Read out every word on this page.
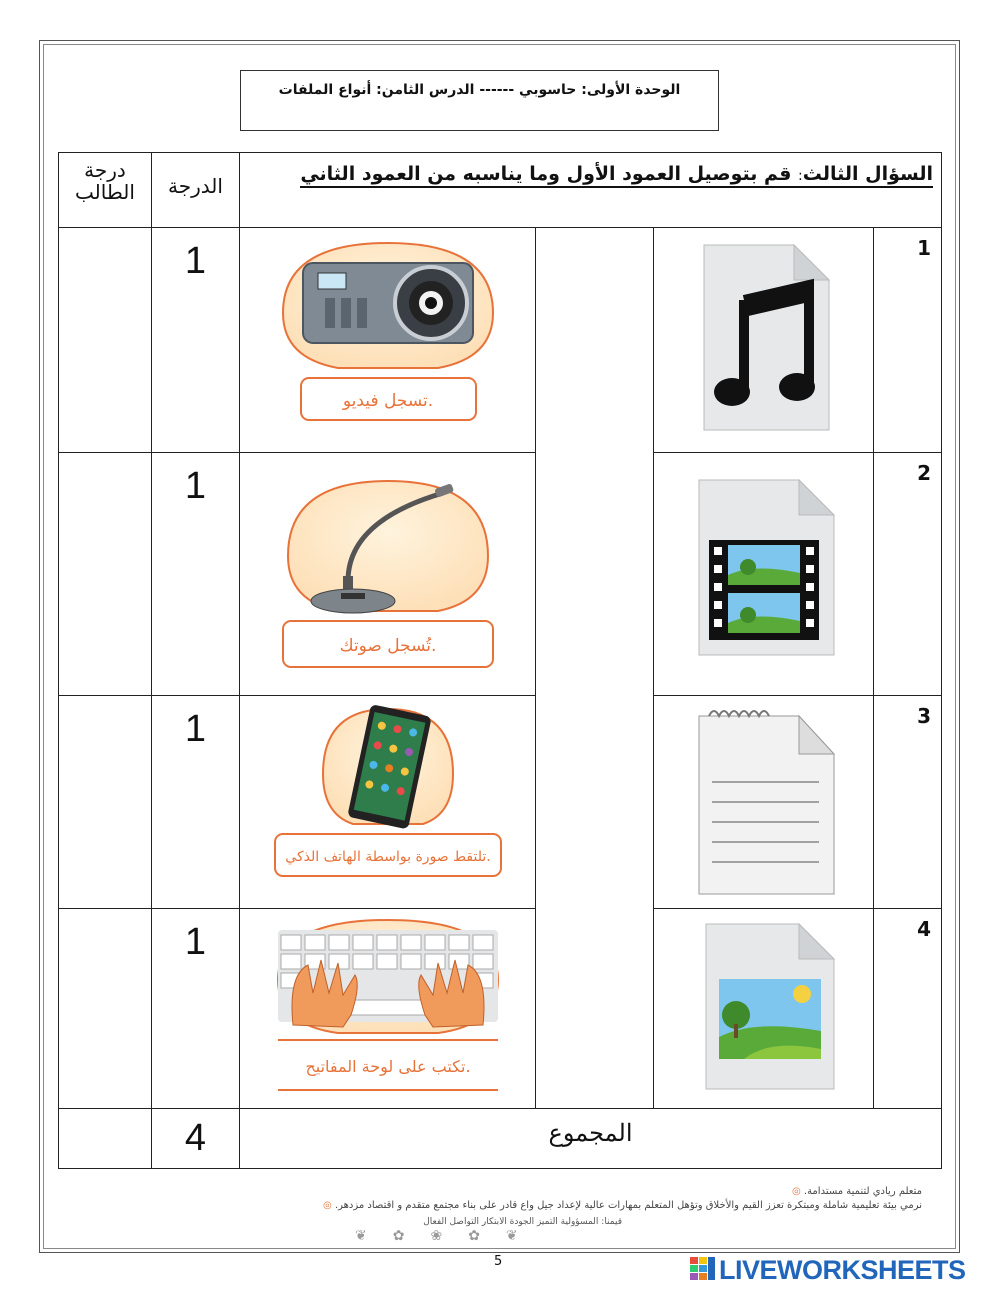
الوحدة الأولى: حاسوبي ------ الدرس الثامن: أنواع الملفات
درجة
الطالب	الدرجة	السؤال الثالث: قم بتوصيل العمود الأول وما يناسبه من العمود الثاني			
	1	تسجل فيديو.			1
	1	تُسجل صوتك.			2
	1	تلتقط صورة بواسطة الهاتف الذكي.			3
	1	تكتب على لوحة المفاتيح.			4
	4	المجموع			
متعلم ريادي لتنمية مستدامة. ◎
نرمي بيئة تعليمية شاملة ومبتكرة تعزز القيم والأخلاق وتؤهل المتعلم بمهارات عالية لإعداد جيل واع قادر على بناء مجتمع متقدم و اقتصاد مزدهر. ◎
قيمنا: المسؤولية التميز الجودة الابتكار التواصل الفعال
❦✿❀✿❦
5	LIVEWORKSHEETS
